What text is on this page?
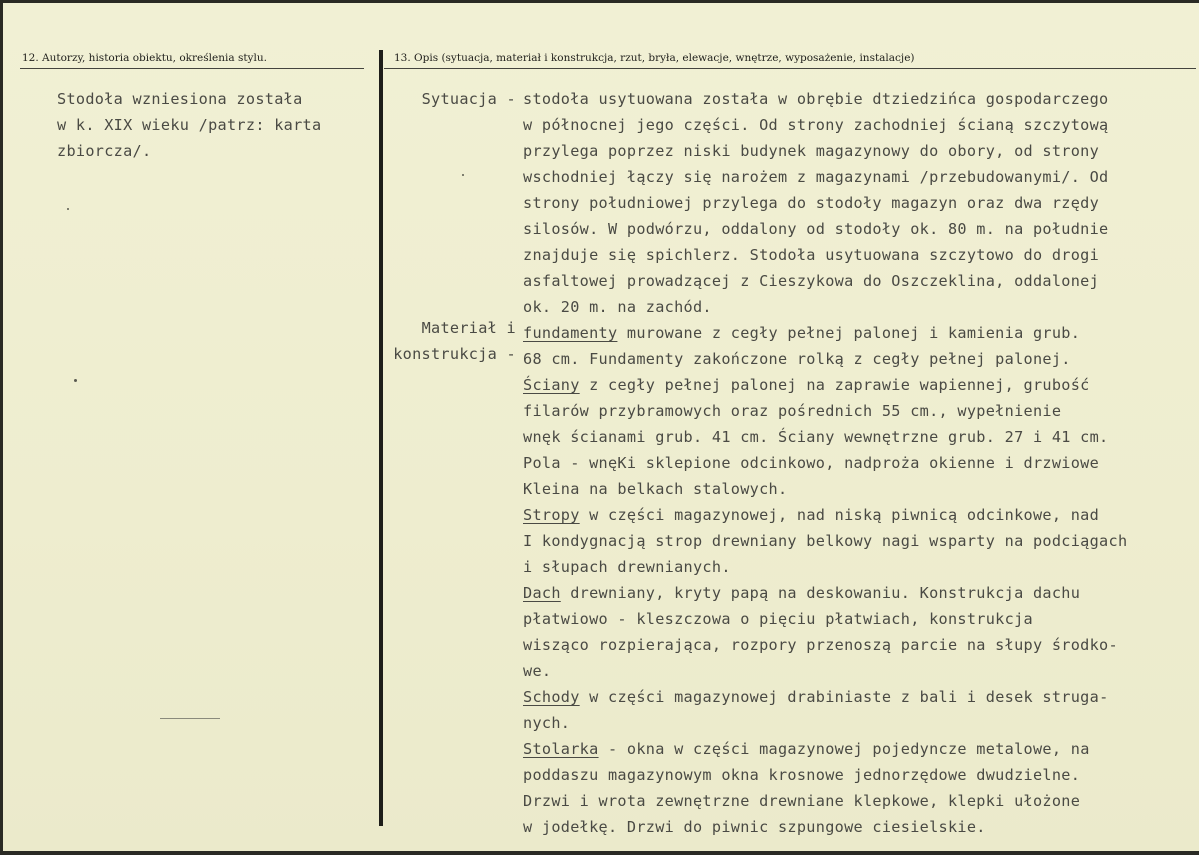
12. Autorzy, historia obiektu, określenia stylu.	13. Opis (sytuacja, materiał i konstrukcja, rzut, bryła, elewacje, wnętrze, wyposażenie, instalacje)
Stodoła wzniesiona została
w k. XIX wieku /patrz: karta
zbiorcza/.
Sytuacja -
Materiał i
konstrukcja -
stodoła usytuowana została w obrębie dtziedzińca gospodarczego
w północnej jego części. Od strony zachodniej ścianą szczytową
przylega poprzez niski budynek magazynowy do obory, od strony
wschodniej łączy się narożem z magazynami /przebudowanymi/. Od
strony południowej przylega do stodoły magazyn oraz dwa rzędy
silosów. W podwórzu, oddalony od stodoły ok. 80 m. na południe
znajduje się spichlerz. Stodoła usytuowana szczytowo do drogi
asfaltowej prowadzącej z Cieszykowa do Oszczeklina, oddalonej
ok. 20 m. na zachód.
fundamenty murowane z cegły pełnej palonej i kamienia grub.
68 cm. Fundamenty zakończone rolką z cegły pełnej palonej.
Ściany z cegły pełnej palonej na zaprawie wapiennej, grubość
filarów przybramowych oraz pośrednich 55 cm., wypełnienie
wnęk ścianami grub. 41 cm. Ściany wewnętrzne grub. 27 i 41 cm.
Pola - wnęKi sklepione odcinkowo, nadproża okienne i drzwiowe
Kleina na belkach stalowych.
Stropy w części magazynowej, nad niską piwnicą odcinkowe, nad
I kondygnacją strop drewniany belkowy nagi wsparty na podciągach
i słupach drewnianych.
Dach drewniany, kryty papą na deskowaniu. Konstrukcja dachu
płatwiowo - kleszczowa o pięciu płatwiach, konstrukcja
wisząco rozpierająca, rozpory przenoszą parcie na słupy środko-
we.
Schody w części magazynowej drabiniaste z bali i desek struga-
nych.
Stolarka - okna w części magazynowej pojedyncze metalowe, na
poddaszu magazynowym okna krosnowe jednorzędowe dwudzielne.
Drzwi i wrota zewnętrzne drewniane klepkowe, klepki ułożone
w jodełkę. Drzwi do piwnic szpungowe ciesielskie.
